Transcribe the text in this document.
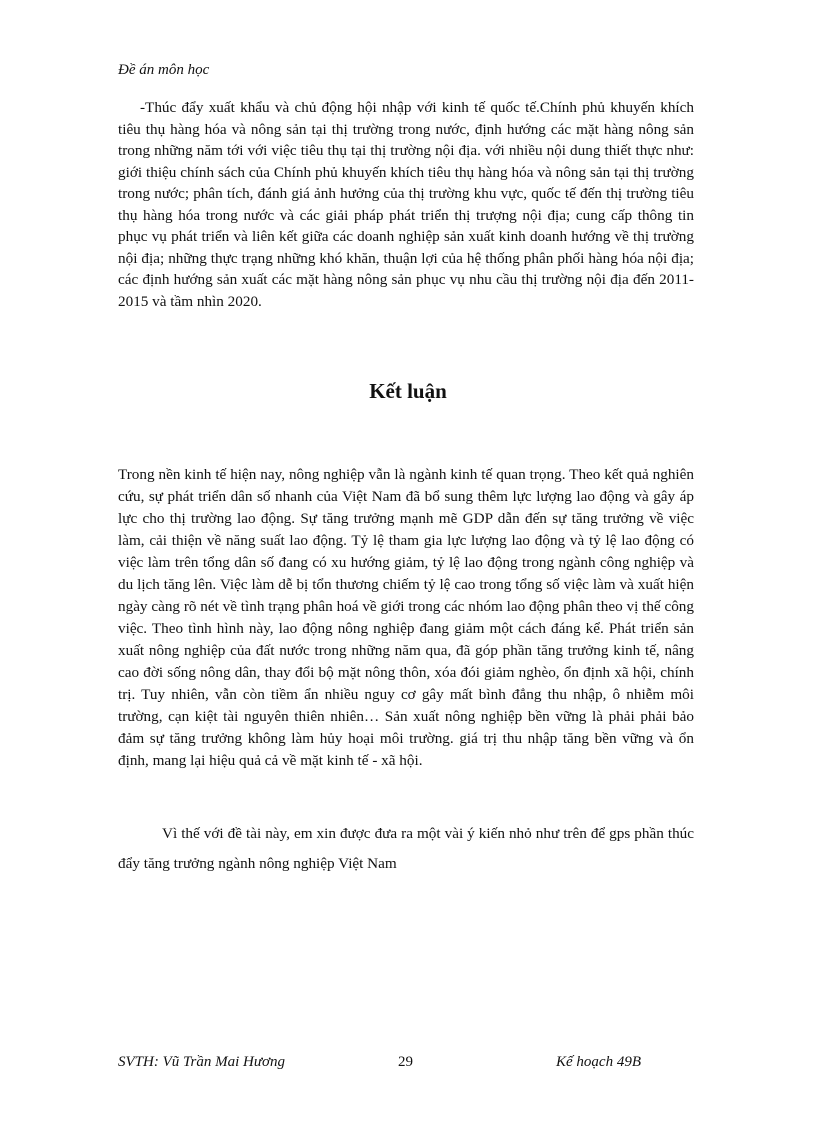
Đề án môn học

-Thúc đẩy xuất khẩu và chủ động hội nhập với kinh tế quốc tế.Chính phủ khuyến khích tiêu thụ hàng hóa và nông sản tại thị trường trong nước, định hướng các mặt hàng nông sản trong những năm tới với việc tiêu thụ tại thị trường nội địa. với nhiều nội dung thiết thực như: giới thiệu chính sách của Chính phủ khuyến khích tiêu thụ hàng hóa và nông sản tại thị trường trong nước; phân tích, đánh giá ảnh hưởng của thị trường khu vực, quốc tế đến thị trường tiêu thụ hàng hóa trong nước và các giải pháp phát triển thị trượng nội địa; cung cấp thông tin phục vụ phát triển và liên kết giữa các doanh nghiệp sản xuất kinh doanh hướng về thị trường nội địa; những thực trạng những khó khăn, thuận lợi của hệ thống phân phối hàng hóa nội địa; các định hướng sản xuất các mặt hàng nông sản phục vụ nhu cầu thị trường nội địa đến 2011-2015 và tầm nhìn 2020.

Kết luận

Trong nền kinh tế hiện nay, nông nghiệp vẫn là ngành kinh tế quan trọng. Theo kết quả nghiên cứu, sự phát triển dân số nhanh của Việt Nam đã bổ sung thêm lực lượng lao động và gây áp lực cho thị trường lao động. Sự tăng trưởng mạnh mẽ GDP dẫn đến sự tăng trưởng về việc làm, cải thiện về năng suất lao động. Tỷ lệ tham gia lực lượng lao động và tỷ lệ lao động có việc làm trên tổng dân số đang có xu hướng giảm, tỷ lệ lao động trong ngành công nghiệp và du lịch tăng lên. Việc làm dễ bị tổn thương chiếm tỷ lệ cao trong tổng số việc làm và xuất hiện ngày càng rõ nét về tình trạng phân hoá về giới trong các nhóm lao động phân theo vị thế công việc. Theo tình hình này, lao động nông nghiệp đang giảm một cách đáng kể. Phát triển sản xuất nông nghiệp của đất nước trong những năm qua, đã góp phần tăng trưởng kinh tế, nâng cao đời sống nông dân, thay đổi bộ mặt nông thôn, xóa đói giảm nghèo, ổn định xã hội, chính trị. Tuy nhiên, vẫn còn tiềm ẩn nhiều nguy cơ gây mất bình đẳng thu nhập, ô nhiễm môi trường, cạn kiệt tài nguyên thiên nhiên… Sản xuất nông nghiệp bền vững là phải phải bảo đảm sự tăng trưởng không làm hủy hoại môi trường. giá trị thu nhập tăng bền vững và ổn định, mang lại hiệu quả cả về mặt kinh tế - xã hội.

Vì thế với đề tài này, em xin được đưa ra một vài ý kiến nhỏ như trên để gps phần thúc đẩy tăng trưởng ngành nông nghiệp Việt Nam

SVTH: Vũ Trần Mai Hương	29	Kế hoạch 49B
